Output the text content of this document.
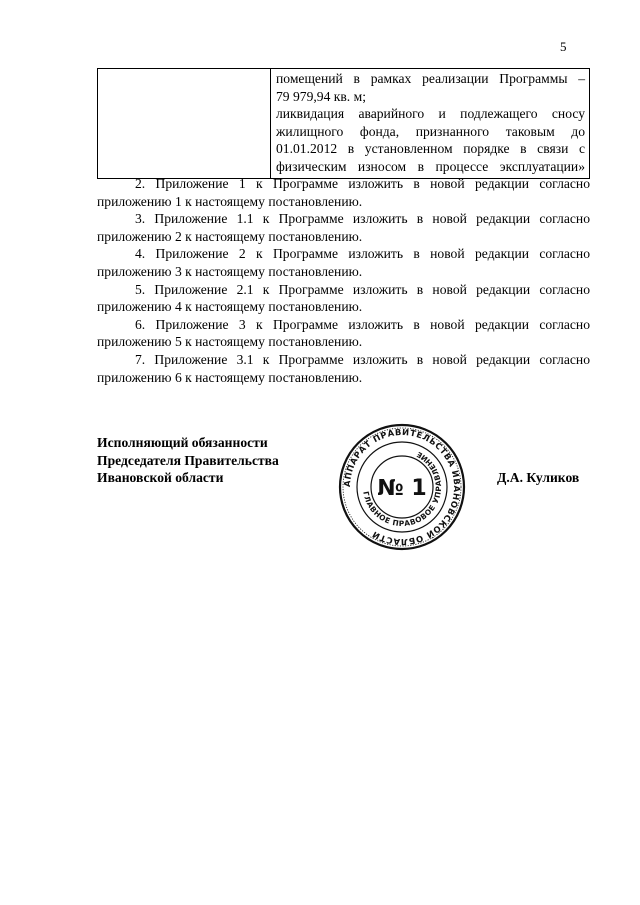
5

помещений в рамках реализации Программы –
79 979,94 кв. м;
ликвидация аварийного и подлежащего сносу
жилищного фонда, признанного таковым до
01.01.2012 в установленном порядке в связи с
физическим износом в процессе эксплуатации»

2. Приложение 1 к Программе изложить в новой редакции согласно приложению 1 к настоящему постановлению.

3. Приложение 1.1 к Программе изложить в новой редакции согласно приложению 2 к настоящему постановлению.

4. Приложение 2 к Программе изложить в новой редакции согласно приложению 3 к настоящему постановлению.

5. Приложение 2.1 к Программе изложить в новой редакции согласно приложению 4 к настоящему постановлению.

6. Приложение 3 к Программе изложить в новой редакции согласно приложению 5 к настоящему постановлению.

7. Приложение 3.1 к Программе изложить в новой редакции согласно приложению 6 к настоящему постановлению.

Исполняющий обязанности
Председателя Правительства
Ивановской области	АППАРАТ ПРАВИТЕЛЬСТВА ИВАНОВСКОЙ ОБЛАСТИ
ГЛАВНОЕ ПРАВОВОЕ УПРАВЛЕНИЕ
№ 1	Д.А. Куликов
